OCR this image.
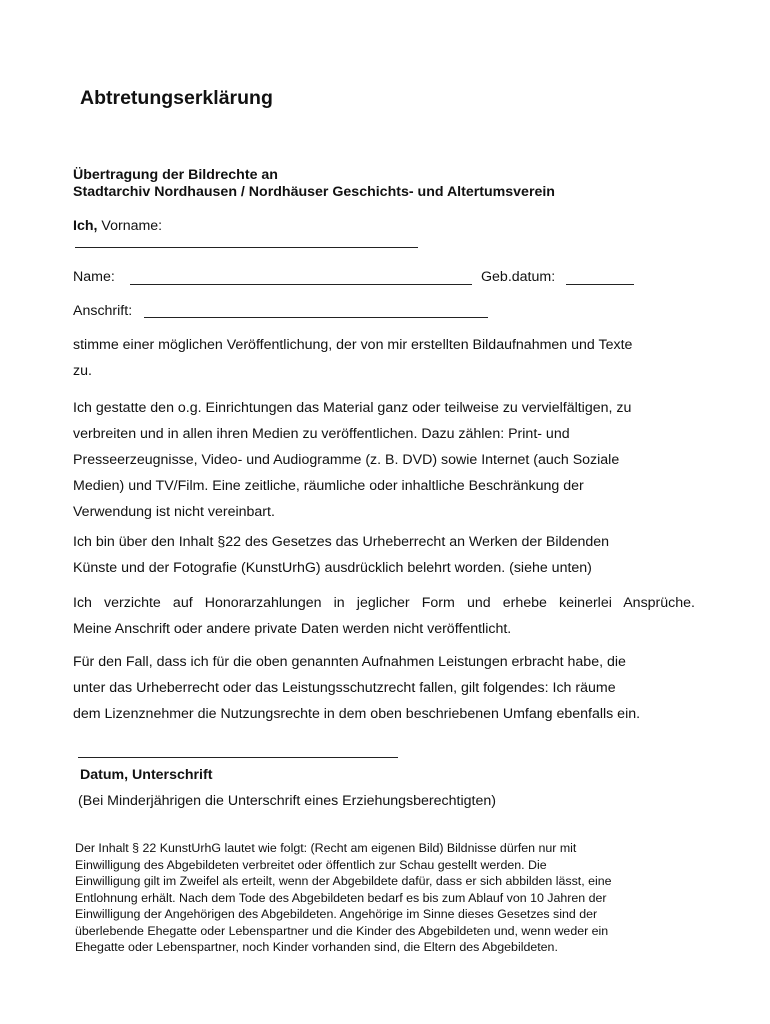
Abtretungserklärung
Übertragung der Bildrechte an
Stadtarchiv Nordhausen / Nordhäuser Geschichts- und Altertumsverein
Ich, Vorname:
Name:	Geb.datum:
Anschrift:
stimme einer möglichen Veröffentlichung, der von mir erstellten Bildaufnahmen und Texte
zu.
Ich gestatte den o.g. Einrichtungen das Material ganz oder teilweise zu vervielfältigen, zu
verbreiten und in allen ihren Medien zu veröffentlichen. Dazu zählen: Print- und
Presseerzeugnisse, Video- und Audiogramme (z. B. DVD) sowie Internet (auch Soziale
Medien) und TV/Film. Eine zeitliche, räumliche oder inhaltliche Beschränkung der
Verwendung ist nicht vereinbart.
Ich bin über den Inhalt §22 des Gesetzes das Urheberrecht an Werken der Bildenden
Künste und der Fotografie (KunstUrhG) ausdrücklich belehrt worden. (siehe unten)
Ich verzichte auf Honorarzahlungen in jeglicher Form und erhebe keinerlei Ansprüche.
Meine Anschrift oder andere private Daten werden nicht veröffentlicht.
Für den Fall, dass ich für die oben genannten Aufnahmen Leistungen erbracht habe, die
unter das Urheberrecht oder das Leistungsschutzrecht fallen, gilt folgendes: Ich räume
dem Lizenznehmer die Nutzungsrechte in dem oben beschriebenen Umfang ebenfalls ein.
Datum, Unterschrift
(Bei Minderjährigen die Unterschrift eines Erziehungsberechtigten)
Der Inhalt § 22 KunstUrhG lautet wie folgt: (Recht am eigenen Bild) Bildnisse dürfen nur mit
Einwilligung des Abgebildeten verbreitet oder öffentlich zur Schau gestellt werden. Die
Einwilligung gilt im Zweifel als erteilt, wenn der Abgebildete dafür, dass er sich abbilden lässt, eine
Entlohnung erhält. Nach dem Tode des Abgebildeten bedarf es bis zum Ablauf von 10 Jahren der
Einwilligung der Angehörigen des Abgebildeten. Angehörige im Sinne dieses Gesetzes sind der
überlebende Ehegatte oder Lebenspartner und die Kinder des Abgebildeten und, wenn weder ein
Ehegatte oder Lebenspartner, noch Kinder vorhanden sind, die Eltern des Abgebildeten.
